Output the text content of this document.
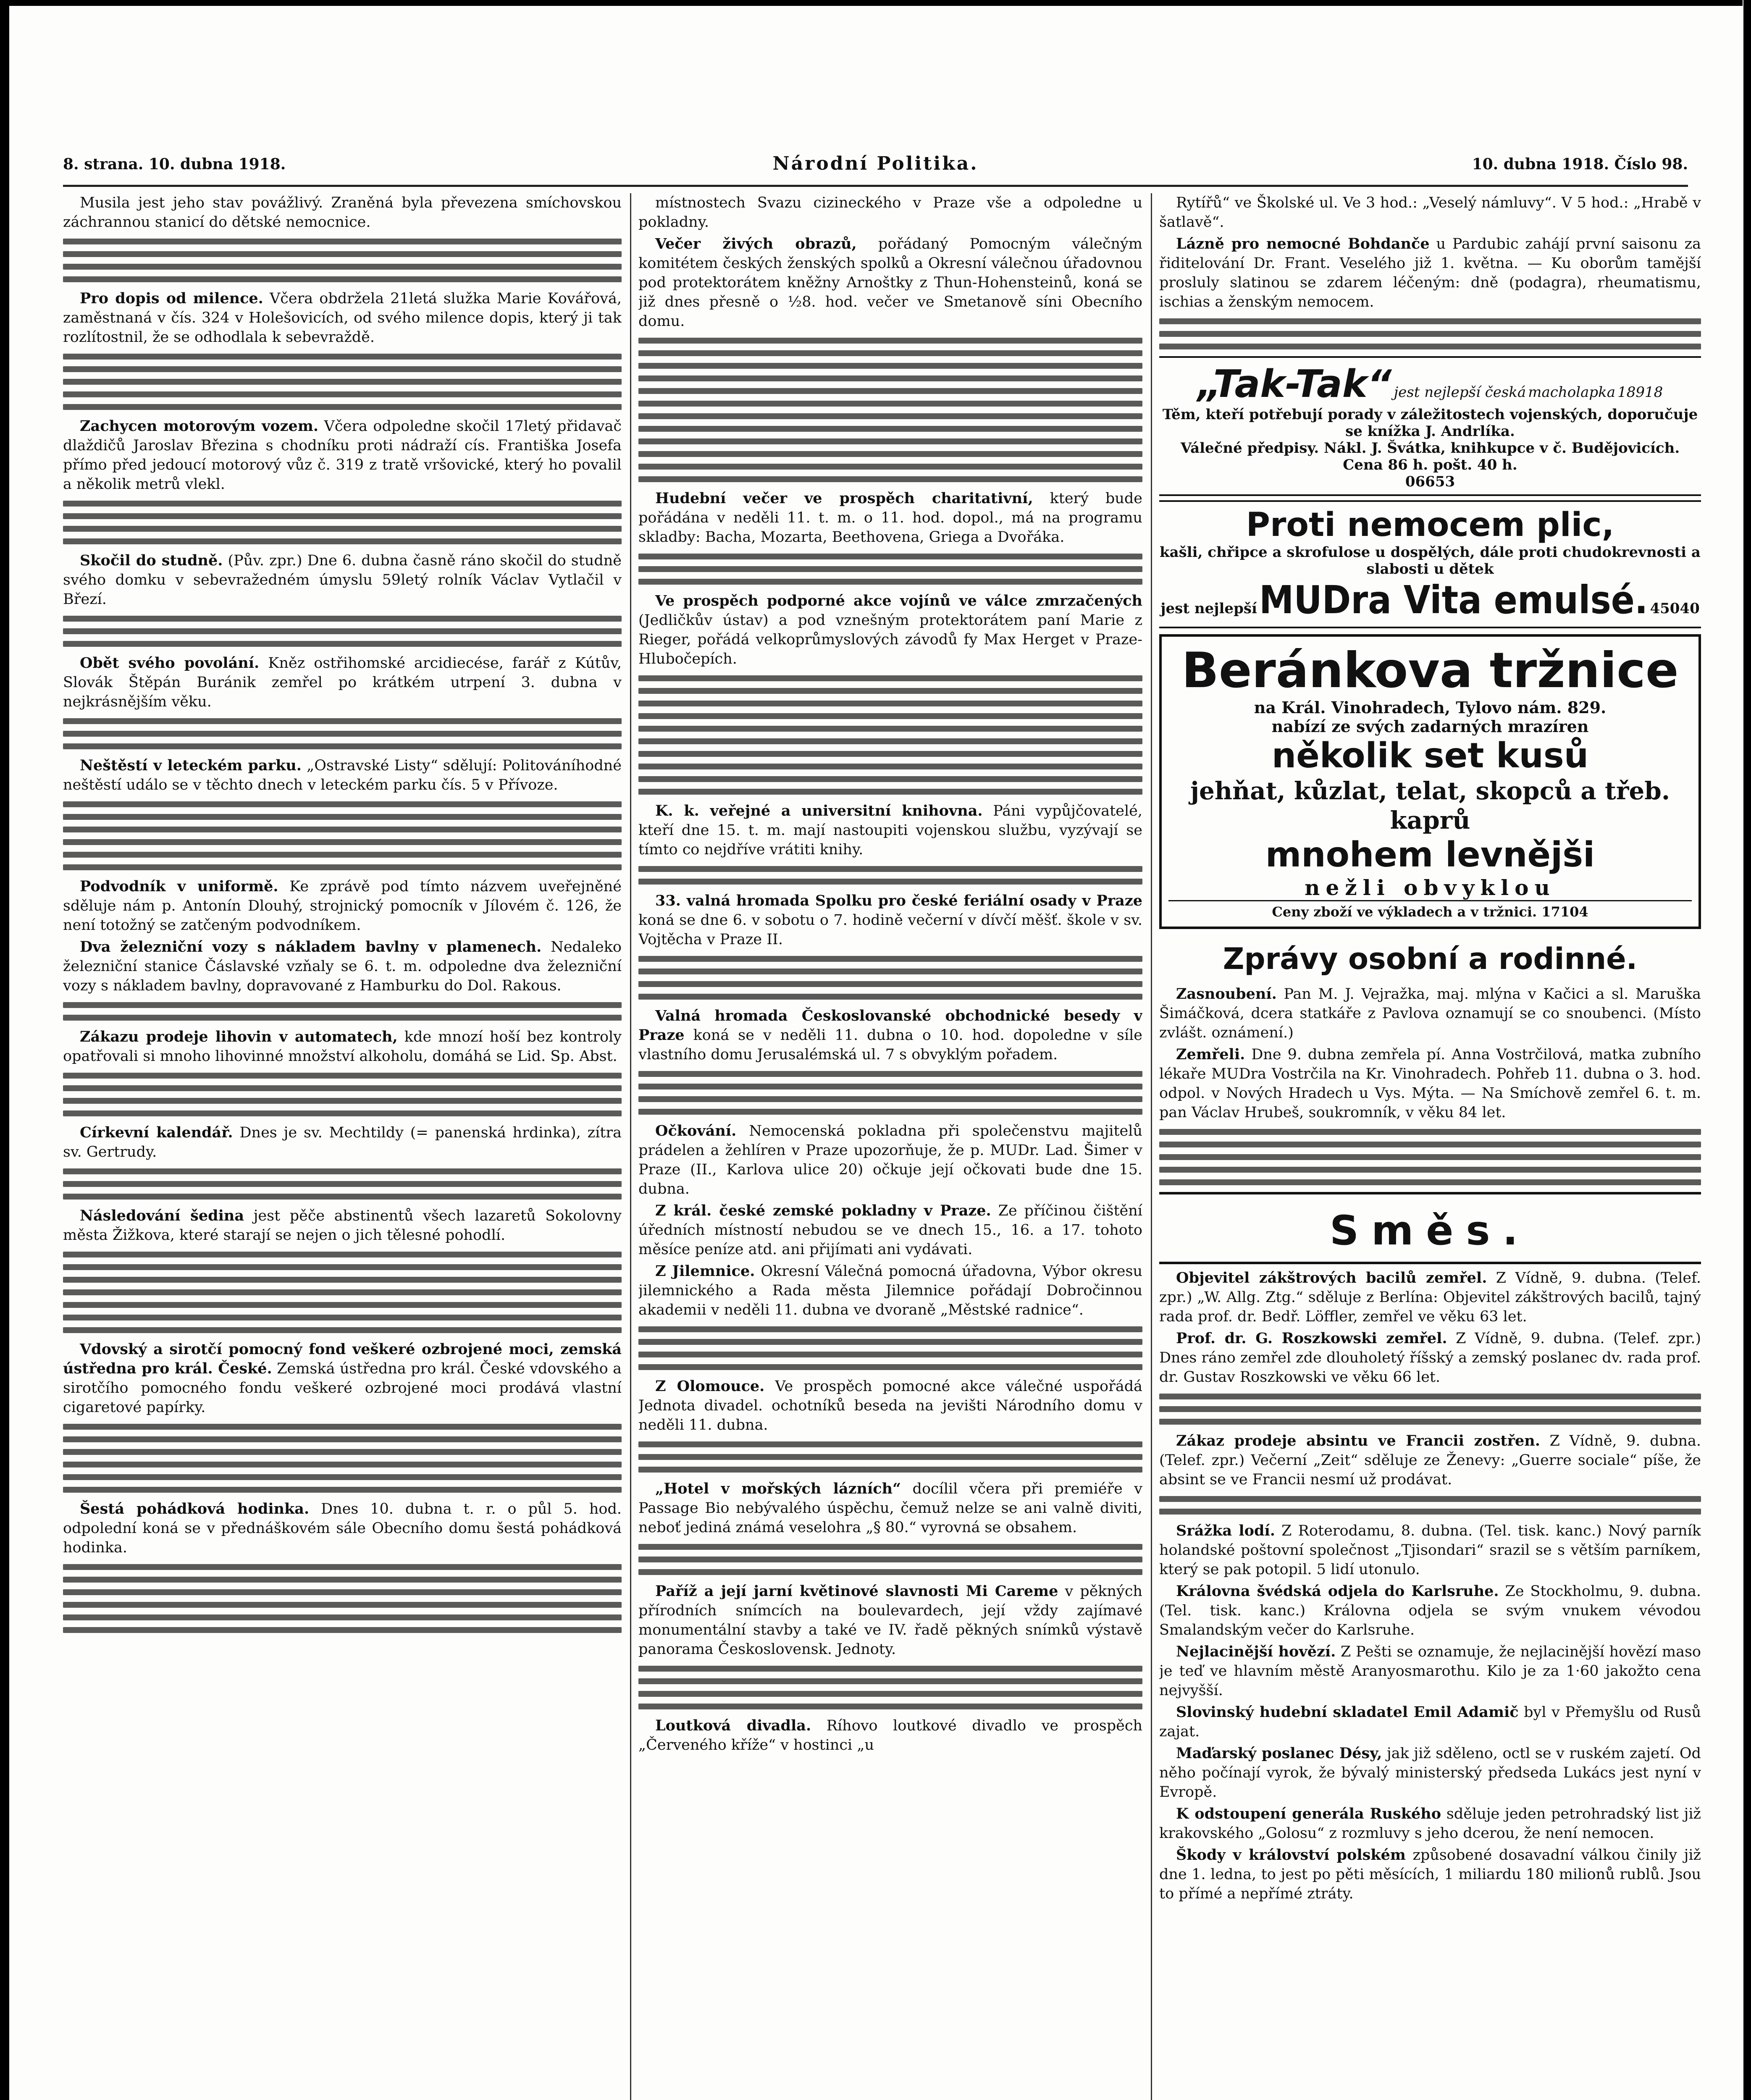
8. strana. 10. dubna 1918.	Národní Politika.	10. dubna 1918. Číslo 98.

Musila jest jeho stav povážlivý. Zraněná byla převezena smíchovskou záchrannou stanicí do dětské nemocnice.

Pro dopis od milence. Včera obdržela 21letá služka Marie Kovářová, zaměstnaná v čís. 324 v Holešovicích, od svého milence dopis, který ji tak rozlítostnil, že se odhodlala k sebevraždě.

Zachycen motorovým vozem. Včera odpoledne skočil 17letý přidavač dlaždičů Jaroslav Březina s chodníku proti nádraží cís. Františka Josefa přímo před jedoucí motorový vůz č. 319 z tratě vršovické, který ho povalil a několik metrů vlekl.

Skočil do studně. (Pův. zpr.) Dne 6. dubna časně ráno skočil do studně svého domku v sebevražedném úmyslu 59letý rolník Václav Vytlačil v Březí.

Obět svého povolání. Kněz ostřihomské arcidiecése, farář z Kútův, Slovák Štěpán Buránik zemřel po krátkém utrpení 3. dubna v nejkrásnějším věku.

Neštěstí v leteckém parku. „Ostravské Listy“ sdělují: Politováníhodné neštěstí událo se v těchto dnech v leteckém parku čís. 5 v Přívoze.

Podvodník v uniformě. Ke zprávě pod tímto názvem uveřejněné sděluje nám p. Antonín Dlouhý, strojnický pomocník v Jílovém č. 126, že není totožný se zatčeným podvodníkem.

Dva železniční vozy s nákladem bavlny v plamenech. Nedaleko železniční stanice Čáslavské vzňaly se 6. t. m. odpoledne dva železniční vozy s nákladem bavlny, dopravované z Hamburku do Dol. Rakous.

Zákazu prodeje lihovin v automatech, kde mnozí hoší bez kontroly opatřovali si mnoho lihovinné množství alkoholu, domáhá se Lid. Sp. Abst.

Církevní kalendář. Dnes je sv. Mechtildy (= panenská hrdinka), zítra sv. Gertrudy.

Následování šedina jest pěče abstinentů všech lazaretů Sokolovny města Žižkova, které starají se nejen o jich tělesné pohodlí.

Vdovský a sirotčí pomocný fond veškeré ozbrojené moci, zemská ústředna pro král. České. Zemská ústředna pro král. České vdovského a sirotčího pomocného fondu veškeré ozbrojené moci prodává vlastní cigaretové papírky.

Šestá pohádková hodinka. Dnes 10. dubna t. r. o půl 5. hod. odpolední koná se v přednáškovém sále Obecního domu šestá pohádková hodinka.

místnostech Svazu cizineckého v Praze vše a odpoledne u pokladny.

Večer živých obrazů, pořádaný Pomocným válečným komitétem českých ženských spolků a Okresní válečnou úřadovnou pod protektorátem kněžny Arnoštky z Thun-Hohensteinů, koná se již dnes přesně o ½8. hod. večer ve Smetanově síni Obecního domu.

Hudební večer ve prospěch charitativní, který bude pořádána v neděli 11. t. m. o 11. hod. dopol., má na programu skladby: Bacha, Mozarta, Beethovena, Griega a Dvořáka.

Ve prospěch podporné akce vojínů ve válce zmrzačených (Jedličkův ústav) a pod vznešným protektorátem paní Marie z Rieger, pořádá velkoprůmyslových závodů fy Max Herget v Praze-Hlubočepích.

K. k. veřejné a universitní knihovna. Páni vypůjčovatelé, kteří dne 15. t. m. mají nastoupiti vojenskou službu, vyzývají se tímto co nejdříve vrátiti knihy.

33. valná hromada Spolku pro české feriální osady v Praze koná se dne 6. v sobotu o 7. hodině večerní v dívčí měšť. škole v sv. Vojtěcha v Praze II.

Valná hromada Českoslovanské obchodnické besedy v Praze koná se v neděli 11. dubna o 10. hod. dopoledne v síle vlastního domu Jerusalémská ul. 7 s obvyklým pořadem.

Očkování. Nemocenská pokladna při společenstvu majitelů prádelen a žehlíren v Praze upozorňuje, že p. MUDr. Lad. Šimer v Praze (II., Karlova ulice 20) očkuje její očkovati bude dne 15. dubna.

Z král. české zemské pokladny v Praze. Ze příčinou čištění úředních místností nebudou se ve dnech 15., 16. a 17. tohoto měsíce peníze atd. ani přijímati ani vydávati.

Z Jilemnice. Okresní Válečná pomocná úřadovna, Výbor okresu jilemnického a Rada města Jilemnice pořádají Dobročinnou akademii v neděli 11. dubna ve dvoraně „Městské radnice“.

Z Olomouce. Ve prospěch pomocné akce válečné uspořádá Jednota divadel. ochotníků beseda na jevišti Národního domu v neděli 11. dubna.

„Hotel v mořských lázních“ docílil včera při premiéře v Passage Bio nebývalého úspěchu, čemuž nelze se ani valně diviti, neboť jediná známá veselohra „§ 80.“ vyrovná se obsahem.

Paříž a její jarní květinové slavnosti Mi Careme v pěkných přírodních snímcích na boulevardech, její vždy zajímavé monumentální stavby a také ve IV. řadě pěkných snímků výstavě panorama Československ. Jednoty.

Loutková divadla. Ríhovo loutkové divadlo ve prospěch „Červeného kříže“ v hostinci „u

Rytířů“ ve Školské ul. Ve 3 hod.: „Veselý námluvy“. V 5 hod.: „Hrabě v šatlavě“.

Lázně pro nemocné Bohdanče u Pardubic zahájí první saisonu za řiditelování Dr. Frant. Veselého již 1. května. — Ku oborům tamější prosluly slatinou se zdarem léčeným: dně (podagra), rheumatismu, ischias a ženským nemocem.

„Tak-Tak“ jest nejlepší česká macholapka 18918
Těm, kteří potřebují porady v záležitostech vojenských, doporučuje se knížka J. Andrlíka.
Válečné předpisy. Nákl. J. Švátka, knihkupce v č. Budějovicích. Cena 86 h. pošt. 40 h.
06653
Proti nemocem plic,
kašli, chřipce a skrofulose u dospělých, dále proti chudokrevnosti a slabosti u dětek
jest nejlepší MUDra Vita emulsé. 45040
Beránkova tržnice
na Král. Vinohradech, Tylovo nám. 829.
nabízí ze svých zadarných mrazíren
několik set kusů
jehňat, kůzlat, telat, skopců a třeb. kaprů
mnohem levnějši
nežli obvyklou
Ceny zboží ve výkladech a v tržnici. 17104
Zprávy osobní a rodinné.

Zasnoubení. Pan M. J. Vejražka, maj. mlýna v Kačici a sl. Maruška Šimáčková, dcera statkáře z Pavlova oznamují se co snoubenci. (Místo zvlášt. oznámení.)

Zemřeli. Dne 9. dubna zemřela pí. Anna Vostrčilová, matka zubního lékaře MUDra Vostrčila na Kr. Vinohradech. Pohřeb 11. dubna o 3. hod. odpol. v Nových Hradech u Vys. Mýta. — Na Smíchově zemřel 6. t. m. pan Václav Hrubeš, soukromník, v věku 84 let.

Směs.

Objevitel zákštrových bacilů zemřel. Z Vídně, 9. dubna. (Telef. zpr.) „W. Allg. Ztg.“ sděluje z Berlína: Objevitel zákštrových bacilů, tajný rada prof. dr. Bedř. Löffler, zemřel ve věku 63 let.

Prof. dr. G. Roszkowski zemřel. Z Vídně, 9. dubna. (Telef. zpr.) Dnes ráno zemřel zde dlouholetý říšský a zemský poslanec dv. rada prof. dr. Gustav Roszkowski ve věku 66 let.

Zákaz prodeje absintu ve Francii zostřen. Z Vídně, 9. dubna. (Telef. zpr.) Večerní „Zeit“ sděluje ze Ženevy: „Guerre sociale“ píše, že absint se ve Francii nesmí už prodávat.

Srážka lodí. Z Roterodamu, 8. dubna. (Tel. tisk. kanc.) Nový parník holandské poštovní společnost „Tjisondari“ srazil se s větším parníkem, který se pak potopil. 5 lidí utonulo.

Královna švédská odjela do Karlsruhe. Ze Stockholmu, 9. dubna. (Tel. tisk. kanc.) Královna odjela se svým vnukem vévodou Smalandským večer do Karlsruhe.

Nejlacinější hovězí. Z Pešti se oznamuje, že nejlacinější hovězí maso je teď ve hlavním městě Aranyosmarothu. Kilo je za 1·60 jakožto cena nejvyšší.

Slovinský hudební skladatel Emil Adamič byl v Přemyšlu od Rusů zajat.

Maďarský poslanec Désy, jak již sděleno, octl se v ruském zajetí. Od něho počínají vyrok, že bývalý ministerský předseda Lukács jest nyní v Evropě.

K odstoupení generála Ruského sděluje jeden petrohradský list již krakovského „Golosu“ z rozmluvy s jeho dcerou, že není nemocen.

Škody v království polském způsobené dosavadní válkou činily již dne 1. ledna, to jest po pěti měsících, 1 miliardu 180 milionů rublů. Jsou to přímé a nepřímé ztráty.
